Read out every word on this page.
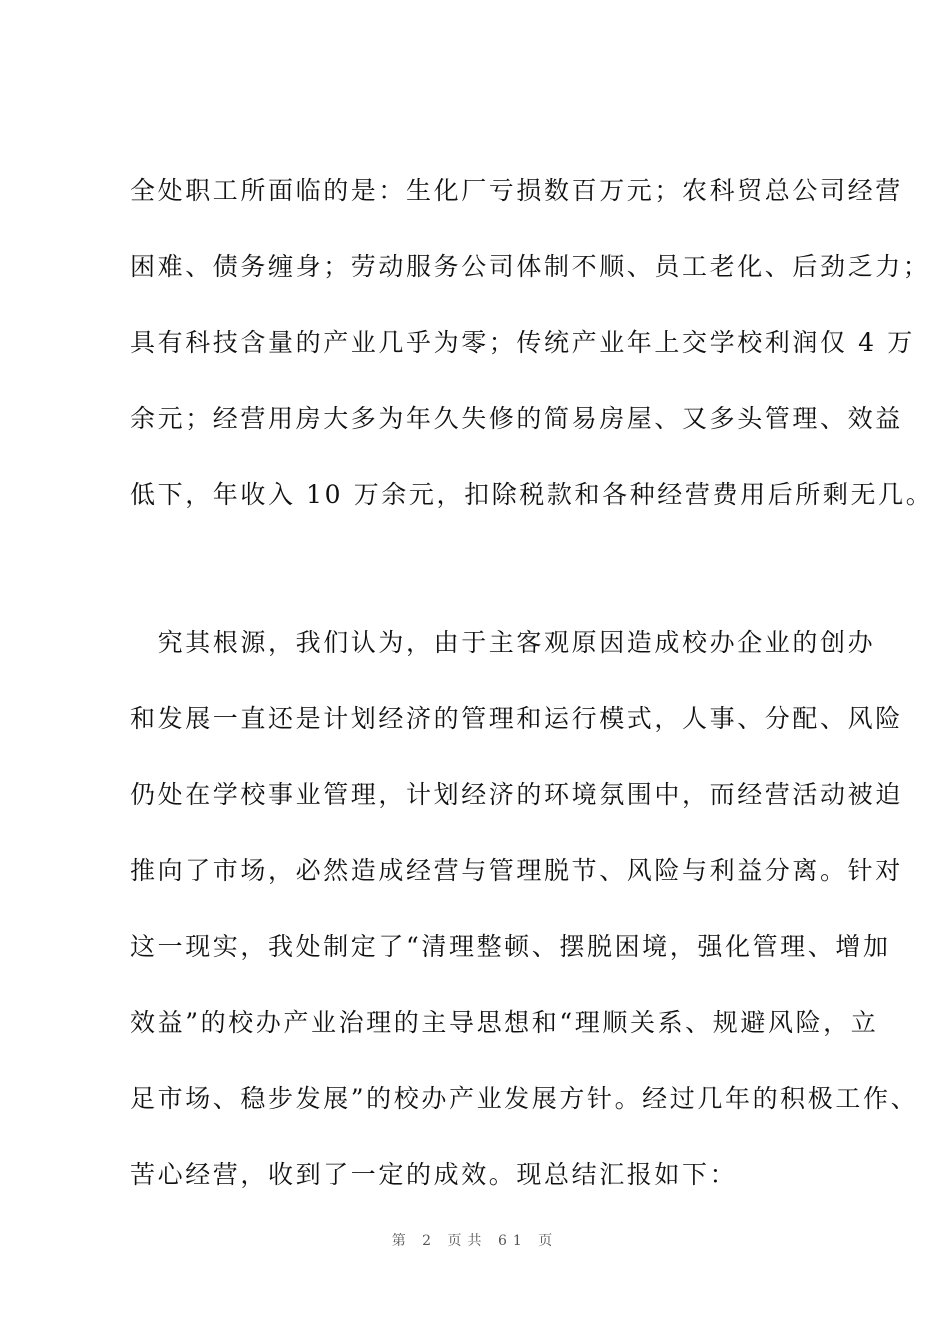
全处职工所面临的是：生化厂亏损数百万元；农科贸总公司经营
困难、债务缠身；劳动服务公司体制不顺、员工老化、后劲乏力；
具有科技含量的产业几乎为零；传统产业年上交学校利润仅 4 万
余元；经营用房大多为年久失修的简易房屋、又多头管理、效益
低下，年收入 10 万余元，扣除税款和各种经营费用后所剩无几。
　究其根源，我们认为，由于主客观原因造成校办企业的创办
和发展一直还是计划经济的管理和运行模式，人事、分配、风险
仍处在学校事业管理，计划经济的环境氛围中，而经营活动被迫
推向了市场，必然造成经营与管理脱节、风险与利益分离。针对
这一现实，我处制定了“清理整顿、摆脱困境，强化管理、增加
效益”的校办产业治理的主导思想和“理顺关系、规避风险，立
足市场、稳步发展”的校办产业发展方针。经过几年的积极工作、
苦心经营，收到了一定的成效。现总结汇报如下：
第 2 页共 61 页
